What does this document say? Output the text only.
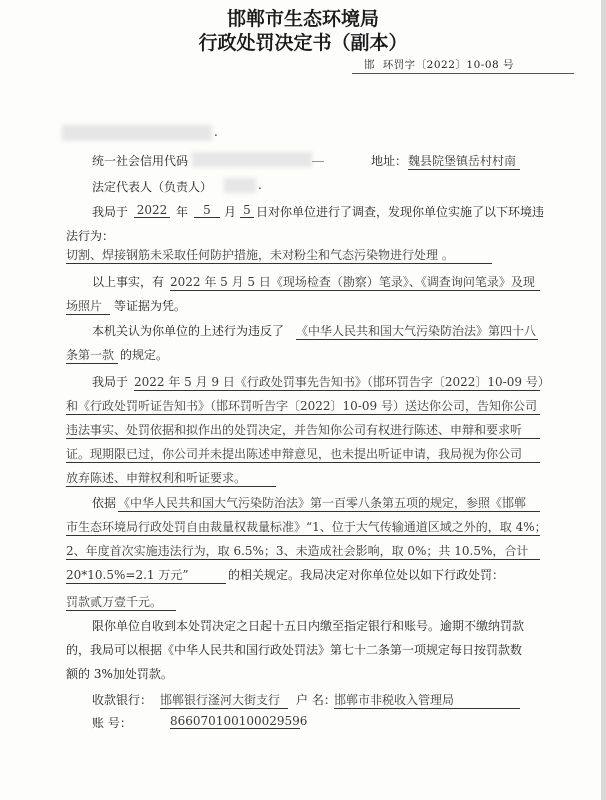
邯郸市生态环境局
行政处罚决定书（副本）
邯 环罚字〔2022〕10-08 号
.
统一社会信用代码	__	地址： 魏县院堡镇岳村村南
法定代表人（负责人）	.
我局于 2022 年	5	月 5 日对你单位进行了调查，发现你单位实施了以下环境违
法行为：
切割、焊接钢筋未采取任何防护措施，未对粉尘和气态污染物进行处理 。
以上事实，有 2022 年 5 月 5 日《现场检查（勘察）笔录》、《调查询问笔录》及现
场照片 等证据为凭。
本机关认为你单位的上述行为违反了 《中华人民共和国大气污染防治法》第四十八
条第一款 的规定。
我局于 2022 年 5 月 9 日《行政处罚事先告知书》（邯环罚告字〔2022〕10-09 号）
和《行政处罚听证告知书》（邯环罚听告字〔2022〕10-09 号）送达你公司，告知你公司
违法事实、处罚依据和拟作出的处罚决定，并告知你公司有权进行陈述、申辩和要求听
证。现期限已过，你公司并未提出陈述申辩意见，也未提出听证申请，我局视为你公司
放弃陈述、申辩权利和听证要求。
依据 《中华人民共和国大气污染防治法》第一百零八条第五项的规定，参照《邯郸
市生态环境局行政处罚自由裁量权裁量标准》“1、位于大气传输通道区域之外的，取 4%；
2、年度首次实施违法行为，取 6.5%；3、未造成社会影响，取 0%；共 10.5%，合计
20*10.5%=2.1 万元”	的相关规定。我局决定对你单位处以如下行政处罚：
罚款贰万壹千元。
限你单位自收到本处罚决定之日起十五日内缴至指定银行和账号。逾期不缴纳罚款
的，我局可以根据《中华人民共和国行政处罚法》第七十二条第一项规定每日按罚款数
额的 3%加处罚款。
收款银行： 邯郸银行滏河大街支行	户 名：
邯郸市非税收入管理局
账 号：	866070100100029596
